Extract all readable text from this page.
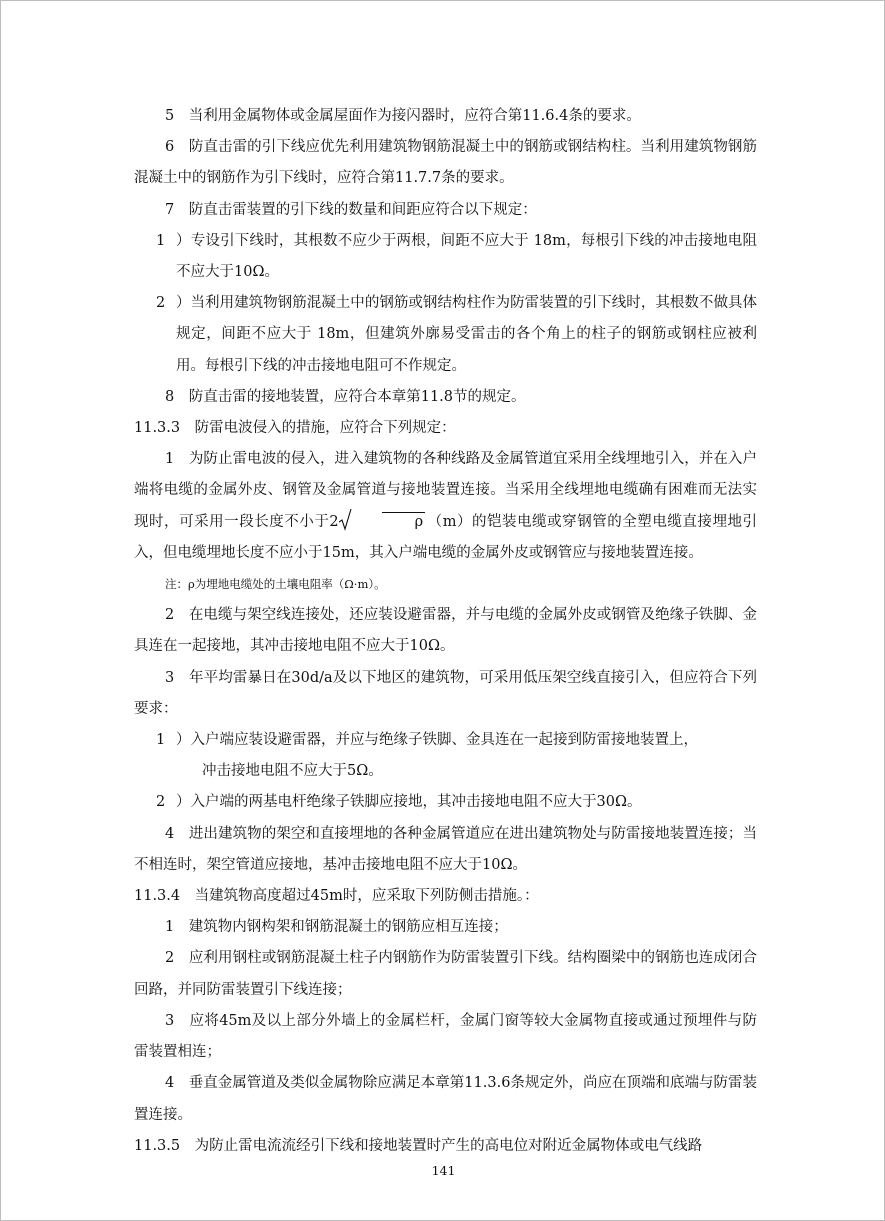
5　当利用金属物体或金属屋面作为接闪器时，应符合第11.6.4条的要求。

6　防直击雷的引下线应优先利用建筑物钢筋混凝土中的钢筋或钢结构柱。当利用建筑物钢筋混凝土中的钢筋作为引下线时，应符合第11.7.7条的要求。

7　防直击雷装置的引下线的数量和间距应符合以下规定：

1 ）专设引下线时，其根数不应少于两根，间距不应大于 18m，每根引下线的冲击接地电阻不应大于10Ω。
2 ）当利用建筑物钢筋混凝土中的钢筋或钢结构柱作为防雷装置的引下线时，其根数不做具体规定，间距不应大于 18m，但建筑外廓易受雷击的各个角上的柱子的钢筋或钢柱应被利用。每根引下线的冲击接地电阻可不作规定。

8　防直击雷的接地装置，应符合本章第11.8节的规定。

11.3.3　防雷电波侵入的措施，应符合下列规定：

1　为防止雷电波的侵入，进入建筑物的各种线路及金属管道宜采用全线埋地引入，并在入户端将电缆的金属外皮、钢管及金属管道与接地装置连接。当采用全线埋地电缆确有困难而无法实现时，可采用一段长度不小于2	ρ （m）的铠装电缆或穿钢管的全塑电缆直接埋地引入，但电缆埋地长度不应小于15m，其入户端电缆的金属外皮或钢管应与接地装置连接。

注：ρ为埋地电缆处的土壤电阻率（Ω·m）。

2　在电缆与架空线连接处，还应装设避雷器，并与电缆的金属外皮或钢管及绝缘子铁脚、金具连在一起接地，其冲击接地电阻不应大于10Ω。

3　年平均雷暴日在30d/a及以下地区的建筑物，可采用低压架空线直接引入，但应符合下列要求：

1 ）入户端应装设避雷器，并应与绝缘子铁脚、金具连在一起接到防雷接地装置上，
冲击接地电阻不应大于5Ω。
2 ）入户端的两基电杆绝缘子铁脚应接地，其冲击接地电阻不应大于30Ω。

4　进出建筑物的架空和直接埋地的各种金属管道应在进出建筑物处与防雷接地装置连接；当不相连时，架空管道应接地，基冲击接地电阻不应大于10Ω。

11.3.4　当建筑物高度超过45m时，应采取下列防侧击措施。：

1　建筑物内钢构架和钢筋混凝土的钢筋应相互连接；

2　应利用钢柱或钢筋混凝土柱子内钢筋作为防雷装置引下线。结构圈梁中的钢筋也连成闭合回路，并同防雷装置引下线连接；

3　应将45m及以上部分外墙上的金属栏杆，金属门窗等较大金属物直接或通过预埋件与防雷装置相连；

4　垂直金属管道及类似金属物除应满足本章第11.3.6条规定外，尚应在顶端和底端与防雷装置连接。

11.3.5　为防止雷电流流经引下线和接地装置时产生的高电位对附近金属物体或电气线路

141
